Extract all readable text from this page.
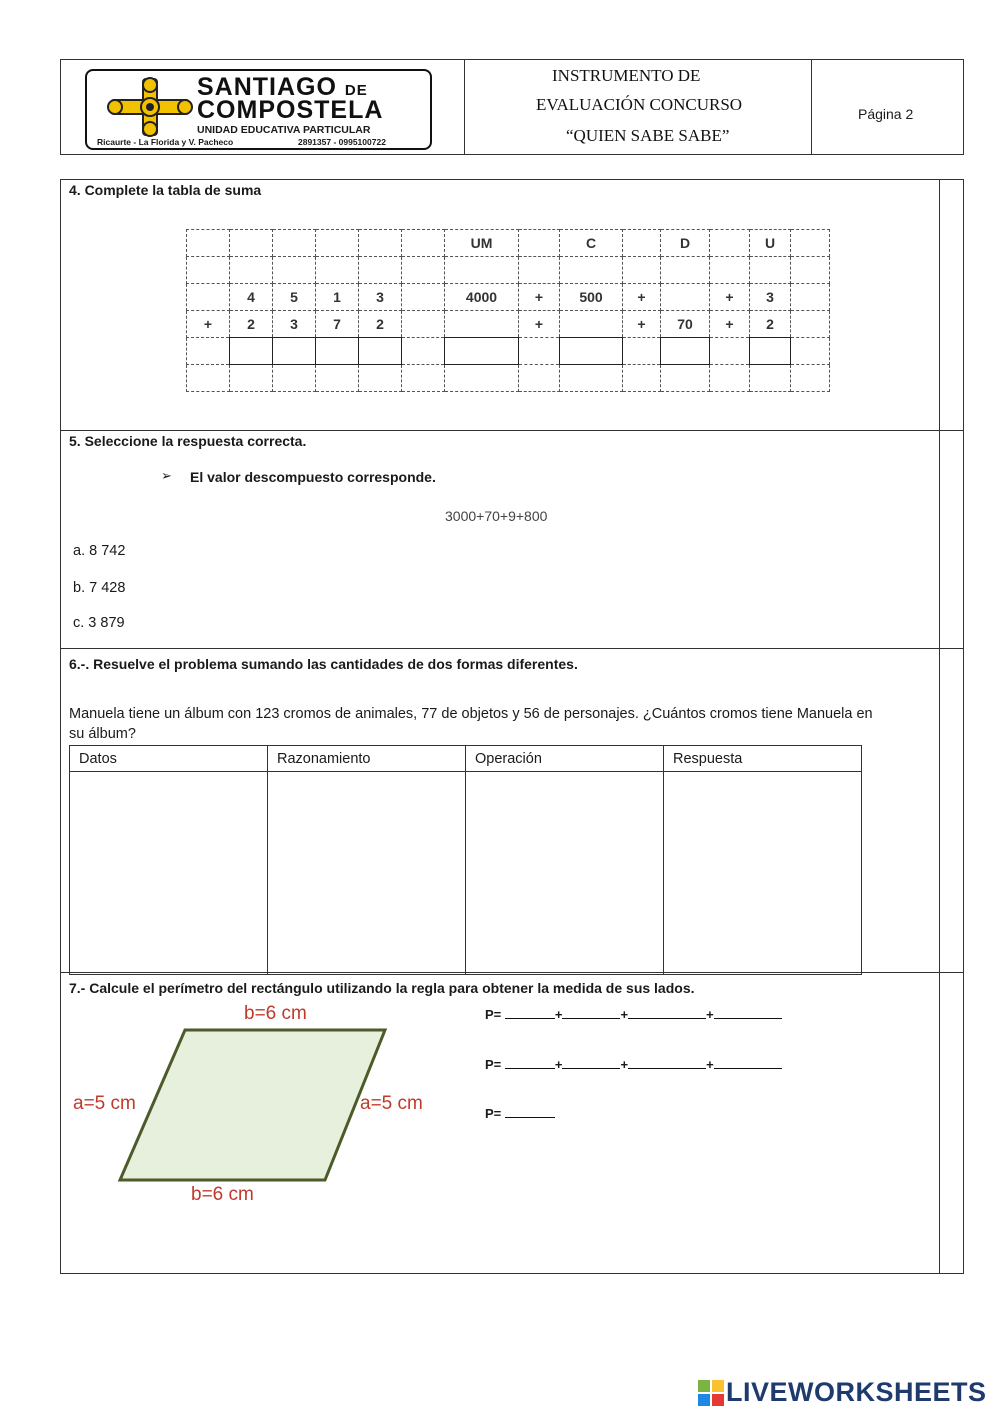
SANTIAGO DE
COMPOSTELA
UNIDAD EDUCATIVA PARTICULAR
Ricaurte - La Florida y V. Pacheco	2891357 - 0995100722
INSTRUMENTO DE
EVALUACIÓN CONCURSO
“QUIEN SABE SABE”
Página 2
4. Complete la tabla de suma
						UM		C		D		U	

	4	5	1	3		4000	+	500	+		+	3	
+	2	3	7	2			+		+	70	+	2	

5. Seleccione la respuesta correcta.
➢ El valor descompuesto corresponde.
3000+70+9+800
a. 8 742
b. 7 428
c. 3 879
6.-. Resuelve el problema sumando las cantidades de dos formas diferentes.
Manuela tiene un álbum con 123 cromos de animales, 77 de objetos y 56 de personajes. ¿Cuántos cromos tiene Manuela en
su álbum?
Datos	Razonamiento	Operación	Respuesta

7.- Calcule el perímetro del rectángulo utilizando la regla para obtener la medida de sus lados.
b=6 cm
b=6 cm
a=5 cm	a=5 cm
P=	+	+	+
P=	+	+	+
P=
LIVEWORKSHEETS
